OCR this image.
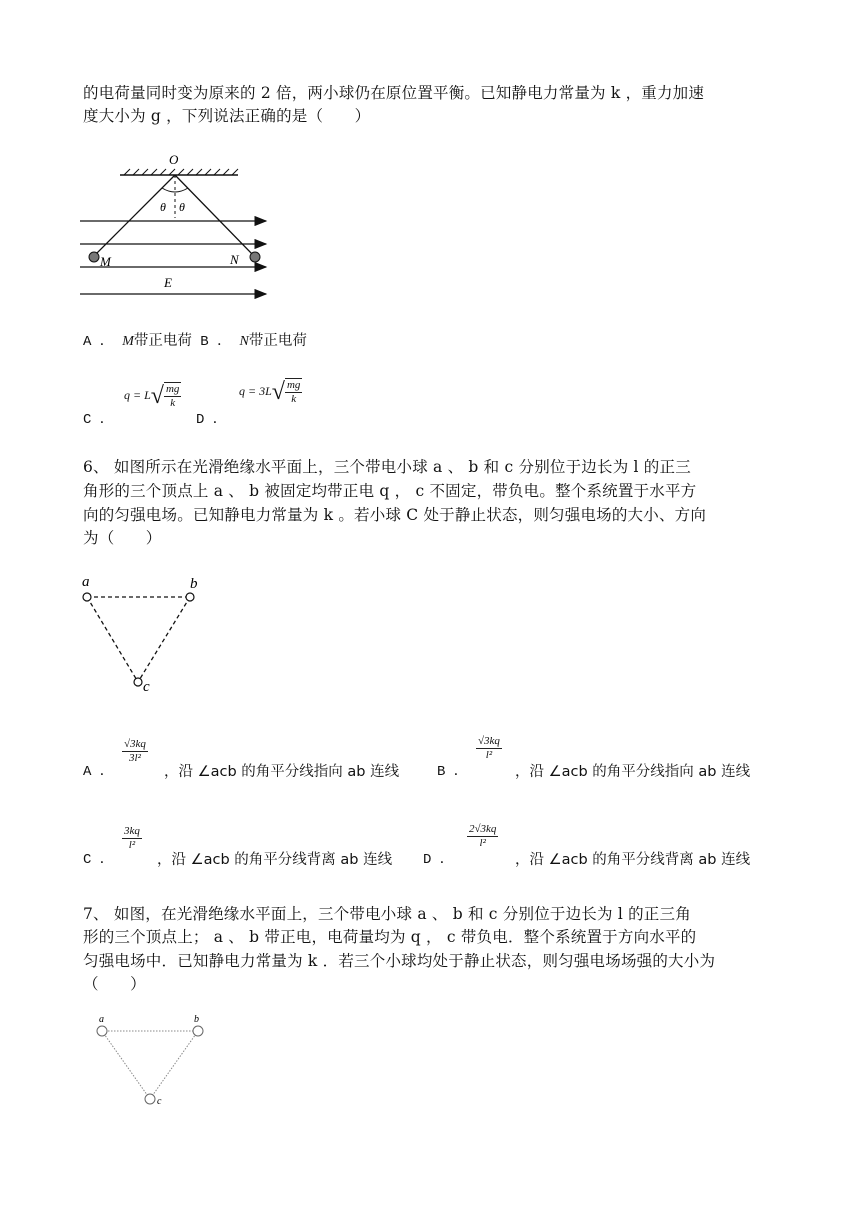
的电荷量同时变为原来的 2 倍，两小球仍在原位置平衡。已知静电力常量为 k ，重力加速
度大小为 g ，下列说法正确的是（　　）
O
θ θ
M	N
E
A ． M带正电荷 B ． N带正电荷
C ．
$q = L√ \frac{mg}{k}$
D ．
$q = 3L√ \frac{mg}{k}$
6、 如图所示在光滑绝缘水平面上，三个带电小球 a 、 b 和 c 分别位于边长为 l 的正三
角形的三个顶点上 a 、 b 被固定均带正电 q ， c 不固定，带负电。整个系统置于水平方
向的匀强电场。已知静电力常量为 k 。若小球 C 处于静止状态，则匀强电场的大小、方向
为（　　）
a	b
c
A ．
$\frac{√3kq}{\text{3l²}}$
，沿 ∠acb 的角平分线指向 ab 连线	B ．
$\frac{√3kq}{\text{l²}}$
，沿 ∠acb 的角平分线指向 ab 连线
C ．
$\frac{3kq}{\text{l²}}$
，沿 ∠acb 的角平分线背离 ab 连线 D ．
$\frac{2√3kq}{\text{l²}}$
，沿 ∠acb 的角平分线背离 ab 连线
7、 如图，在光滑绝缘水平面上，三个带电小球 a 、 b 和 c 分别位于边长为 l 的正三角
形的三个顶点上； a 、 b 带正电，电荷量均为 q ， c 带负电．整个系统置于方向水平的
匀强电场中．已知静电力常量为 k ．若三个小球均处于静止状态，则匀强电场场强的大小为
（　　）
a	b
c
